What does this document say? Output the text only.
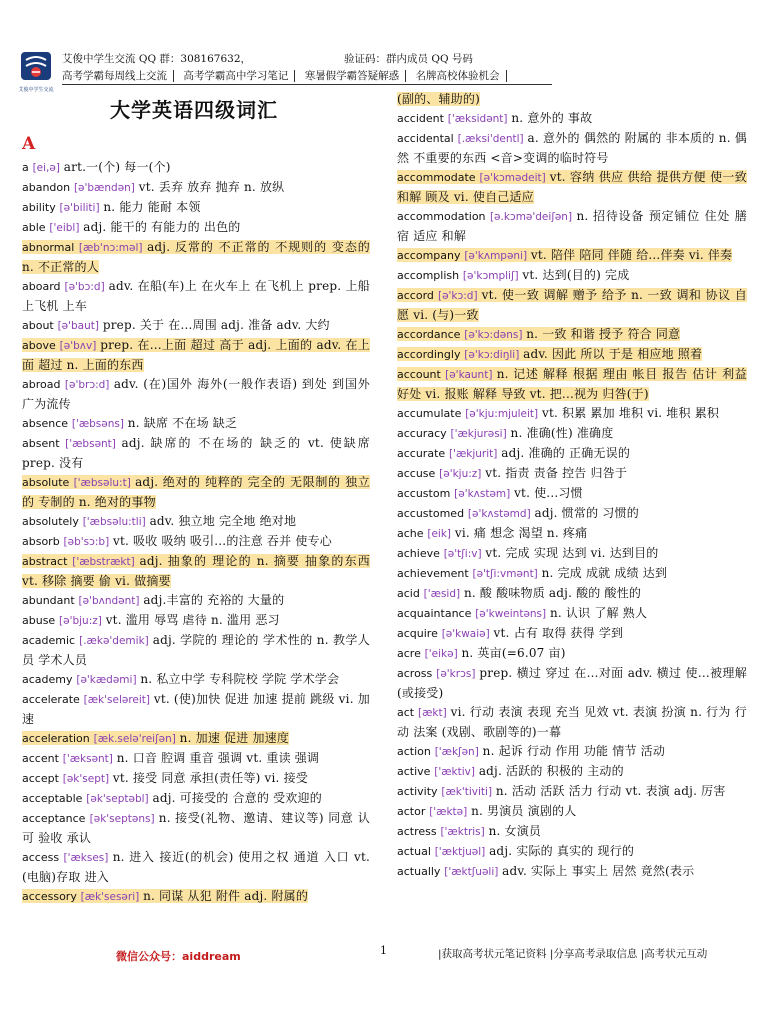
艾俊中学生交流
艾俊中学生交流 QQ 群：308167632，	验证码：群内成员 QQ 号码
高考学霸每周线上交流 高考学霸高中学习笔记 寒暑假学霸答疑解惑 名牌高校体验机会
大学英语四级词汇
A
a [ei,ə] art.一(个) 每一(个)
abandon [ə'bændən] vt. 丢弃 放弃 抛弃 n. 放纵
ability [ə'biliti] n. 能力 能耐 本领
able ['eibl] adj. 能干的 有能力的 出色的
abnormal [æb'nɔ:məl] adj. 反常的 不正常的 不规则的 变态的 n. 不正常的人
aboard [ə'bɔ:d] adv. 在船(车)上 在火车上 在飞机上 prep. 上船 上飞机 上车
about [ə'baut] prep. 关于 在...周围 adj. 准备 adv. 大约
above [ə'bʌv] prep. 在...上面 超过 高于 adj. 上面的 adv. 在上面 超过 n. 上面的东西
abroad [ə'brɔ:d] adv. (在)国外 海外(一般作表语) 到处 到国外 广为流传
absence ['æbsəns] n. 缺席 不在场 缺乏
absent ['æbsənt] adj. 缺席的 不在场的 缺乏的 vt. 使缺席 prep. 没有
absolute ['æbsəlu:t] adj. 绝对的 纯粹的 完全的 无限制的 独立的 专制的 n. 绝对的事物
absolutely ['æbsəlu:tli] adv. 独立地 完全地 绝对地
absorb [əb'sɔ:b] vt. 吸收 吸纳 吸引...的注意 吞并 使专心
abstract ['æbstrækt] adj. 抽象的 理论的 n. 摘要 抽象的东西 vt. 移除 摘要 偷 vi. 做摘要
abundant [ə'bʌndənt] adj.丰富的 充裕的 大量的
abuse [ə'bju:z] vt. 滥用 辱骂 虐待 n. 滥用 恶习
academic [.ækə'demik] adj. 学院的 理论的 学术性的 n. 教学人员 学术人员
academy [ə'kædəmi] n. 私立中学 专科院校 学院 学术学会
accelerate [æk'seləreit] vt. (使)加快 促进 加速 提前 跳级 vi. 加速
acceleration [æk.selə'reiʃən] n. 加速 促进 加速度
accent ['æksənt] n. 口音 腔调 重音 强调 vt. 重读 强调
accept [ək'sept] vt. 接受 同意 承担(责任等) vi. 接受
acceptable [ək'septəbl] adj. 可接受的 合意的 受欢迎的
acceptance [ək'septəns] n. 接受(礼物、邀请、建议等) 同意 认可 验收 承认
access ['ækses] n. 进入 接近(的机会) 使用之权 通道 入口 vt. (电脑)存取 进入
accessory [æk'sesəri] n. 同谋 从犯 附件 adj. 附属的
(副的、辅助的)
accident ['æksidənt] n. 意外的 事故
accidental [.æksi'dentl] a. 意外的 偶然的 附属的 非本质的 n. 偶然 不重要的东西 <音>变调的临时符号
accommodate [ə'kɔmədeit] vt. 容纳 供应 供给 提供方便 使一致 和解 顾及 vi. 使自己适应
accommodation [ə.kɔmə'deiʃən] n. 招待设备 预定铺位 住处 膳宿 适应 和解
accompany [ə'kʌmpəni] vt. 陪伴 陪同 伴随 给...伴奏 vi. 伴奏
accomplish [ə'kɔmpliʃ] vt. 达到(目的) 完成
accord [ə'kɔ:d] vt. 使一致 调解 赠予 给予 n. 一致 调和 协议 自愿 vi. (与)一致
accordance [ə'kɔ:dəns] n. 一致 和谐 授予 符合 同意
accordingly [ə'kɔ:diŋli] adv. 因此 所以 于是 相应地 照着
account [ə'kaunt] n. 记述 解释 根据 理由 帐目 报告 估计 利益 好处 vi. 报账 解释 导致 vt. 把...视为 归咎(于)
accumulate [ə'kju:mjuleit] vt. 积累 累加 堆积 vi. 堆积 累积
accuracy ['ækjurəsi] n. 准确(性) 准确度
accurate ['ækjurit] adj. 准确的 正确无误的
accuse [ə'kju:z] vt. 指责 责备 控告 归咎于
accustom [ə'kʌstəm] vt. 使...习惯
accustomed [ə'kʌstəmd] adj. 惯常的 习惯的
ache [eik] vi. 痛 想念 渴望 n. 疼痛
achieve [ə'tʃi:v] vt. 完成 实现 达到 vi. 达到目的
achievement [ə'tʃi:vmənt] n. 完成 成就 成绩 达到
acid ['æsid] n. 酸 酸味物质 adj. 酸的 酸性的
acquaintance [ə'kweintəns] n. 认识 了解 熟人
acquire [ə'kwaiə] vt. 占有 取得 获得 学到
acre ['eikə] n. 英亩(=6.07 亩)
across [ə'krɔs] prep. 横过 穿过 在...对面 adv. 横过 使...被理解(或接受)
act [ækt] vi. 行动 表演 表现 充当 见效 vt. 表演 扮演 n. 行为 行动 法案 (戏剧、歌剧等的)一幕
action ['ækʃən] n. 起诉 行动 作用 功能 情节 活动
active ['æktiv] adj. 活跃的 积极的 主动的
activity [æk'tiviti] n. 活动 活跃 活力 行动 vt. 表演 adj. 厉害
actor ['æktə] n. 男演员 演剧的人
actress ['æktris] n. 女演员
actual ['æktjuəl] adj. 实际的 真实的 现行的
actually ['æktʃuəli] adv. 实际上 事实上 居然 竟然(表示
微信公众号：aiddream	1	|获取高考状元笔记资料 |分享高考录取信息 |高考状元互动
